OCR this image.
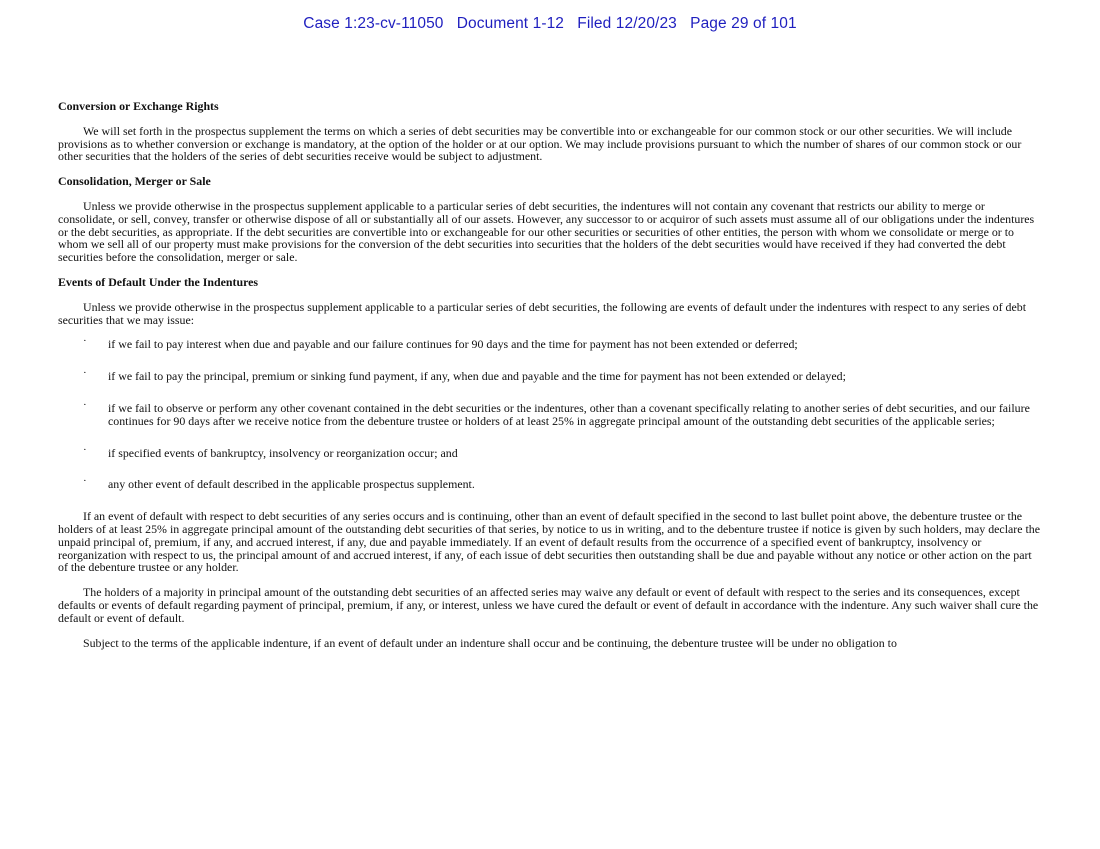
Case 1:23-cv-11050 Document 1-12 Filed 12/20/23 Page 29 of 101
Conversion or Exchange Rights

We will set forth in the prospectus supplement the terms on which a series of debt securities may be convertible into or exchangeable for our common stock or our other securities. We will include provisions as to whether conversion or exchange is mandatory, at the option of the holder or at our option. We may include provisions pursuant to which the number of shares of our common stock or our other securities that the holders of the series of debt securities receive would be subject to adjustment.

Consolidation, Merger or Sale

Unless we provide otherwise in the prospectus supplement applicable to a particular series of debt securities, the indentures will not contain any covenant that restricts our ability to merge or consolidate, or sell, convey, transfer or otherwise dispose of all or substantially all of our assets. However, any successor to or acquiror of such assets must assume all of our obligations under the indentures or the debt securities, as appropriate. If the debt securities are convertible into or exchangeable for our other securities or securities of other entities, the person with whom we consolidate or merge or to whom we sell all of our property must make provisions for the conversion of the debt securities into securities that the holders of the debt securities would have received if they had converted the debt securities before the consolidation, merger or sale.

Events of Default Under the Indentures

Unless we provide otherwise in the prospectus supplement applicable to a particular series of debt securities, the following are events of default under the indentures with respect to any series of debt securities that we may issue:

· if we fail to pay interest when due and payable and our failure continues for 90 days and the time for payment has not been extended or deferred;
· if we fail to pay the principal, premium or sinking fund payment, if any, when due and payable and the time for payment has not been extended or delayed;
· if we fail to observe or perform any other covenant contained in the debt securities or the indentures, other than a covenant specifically relating to another series of debt securities, and our failure continues for 90 days after we receive notice from the debenture trustee or holders of at least 25% in aggregate principal amount of the outstanding debt securities of the applicable series;
· if specified events of bankruptcy, insolvency or reorganization occur; and
· any other event of default described in the applicable prospectus supplement.

If an event of default with respect to debt securities of any series occurs and is continuing, other than an event of default specified in the second to last bullet point above, the debenture trustee or the holders of at least 25% in aggregate principal amount of the outstanding debt securities of that series, by notice to us in writing, and to the debenture trustee if notice is given by such holders, may declare the unpaid principal of, premium, if any, and accrued interest, if any, due and payable immediately. If an event of default results from the occurrence of a specified event of bankruptcy, insolvency or reorganization with respect to us, the principal amount of and accrued interest, if any, of each issue of debt securities then outstanding shall be due and payable without any notice or other action on the part of the debenture trustee or any holder.

The holders of a majority in principal amount of the outstanding debt securities of an affected series may waive any default or event of default with respect to the series and its consequences, except defaults or events of default regarding payment of principal, premium, if any, or interest, unless we have cured the default or event of default in accordance with the indenture. Any such waiver shall cure the default or event of default.

Subject to the terms of the applicable indenture, if an event of default under an indenture shall occur and be continuing, the debenture trustee will be under no obligation to
